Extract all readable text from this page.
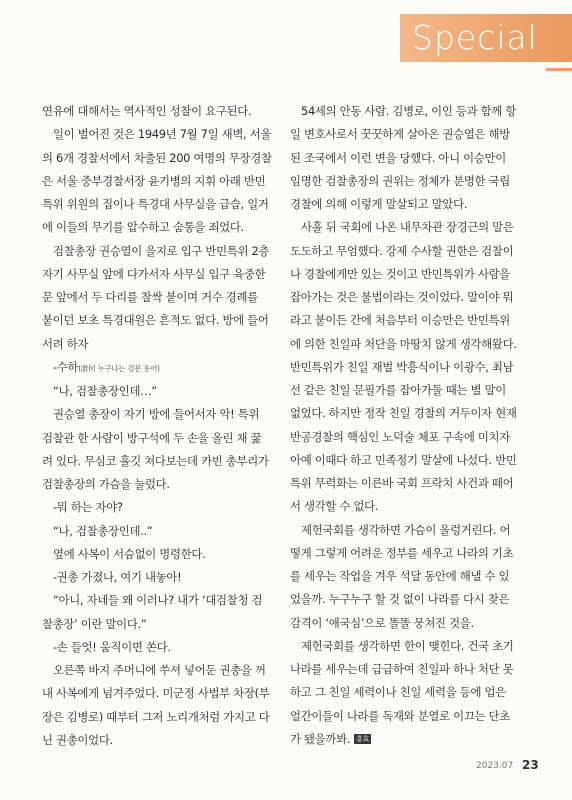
Special
연유에 대해서는 역사적인 성찰이 요구된다.
일이 벌어진 것은 1949년 7월 7일 새벽, 서울
의 6개 경찰서에서 차출된 200 여명의 무장경찰
은 서울 중부경찰서장 윤기병의 지휘 아래 반민
특위 위원의 집이나 특경대 사무실을 급습, 일거
에 이들의 무기를 압수하고 숨통을 죄었다.
검찰총장 권승열이 을지로 입구 반민특위 2층
자기 사무실 앞에 다가서자 사무실 입구 육중한
문 앞에서 두 다리를 찰싹 붙이며 거수 경례를
붙이던 보초 특경대원은 흔적도 없다. 방에 들어
서려 하자
-수하(誰何 누구냐는 검문 용어)
“나, 검찰총장인데…”
권승열 총장이 자기 방에 들어서자 악! 특위
검찰관 한 사람이 방구석에 두 손을 올린 채 꿇
려 있다. 무심코 흘깃 쳐다보는데 카빈 총부리가
검찰총장의 가슴을 눌렀다.
-뭐 하는 자야?
“나, 검찰총장인데..”
옆에 사복이 서슴없이 명령한다.
-권총 가졌나, 여기 내놓아!
“아니, 자네들 왜 이러나? 내가 ‘대검찰청 검
찰총장’ 이란 말이다.”
-손 들엇! 움직이면 쏜다.
오른쪽 바지 주머니에 쑤셔 넣어둔 권총을 꺼
내 사복에게 넘겨주었다. 미군정 사법부 차장(부
장은 김병로) 때부터 그저 노리개처럼 가지고 다
닌 권총이었다.
54세의 안동 사람. 김병로, 이인 등과 함께 항
일 변호사로서 꿋꿋하게 살아온 권승열은 해방
된 조국에서 이런 변을 당했다. 아니 이승만이
임명한 검찰총장의 권위는 정체가 분명한 국립
경찰에 의해 이렇게 말살되고 말았다.
사흘 뒤 국회에 나온 내무차관 장경근의 말은
도도하고 무엄했다. 강제 수사할 권한은 검찰이
나 경찰에게만 있는 것이고 반민특위가 사람을
잡아가는 것은 불법이라는 것이었다. 말이야 뭐
라고 붙이든 간에 처음부터 이승만은 반민특위
에 의한 친일파 처단을 마땅치 않게 생각해왔다.
반민특위가 친일 재벌 박흥식이나 이광수, 최남
선 같은 친일 문필가를 잡아가둘 때는 별 말이
없었다. 하지만 정작 친일 경찰의 거두이자 현재
반공경찰의 핵심인 노덕술 체포 구속에 미치자
아예 이때다 하고 민족정기 말살에 나섰다. 반민
특위 무력화는 이른바 국회 프락치 사건과 떼어
서 생각할 수 없다.
제헌국회를 생각하면 가슴이 울렁거린다. 어
떻게 그렇게 어려운 정부를 세우고 나라의 기초
를 세우는 작업을 겨우 석달 동안에 해낼 수 있
었을까. 누구누구 할 것 없이 나라를 다시 찾은
감격이 ‘애국심’으로 똘똘 뭉쳐진 것을.
제헌국회를 생각하면 한이 맺힌다. 건국 초기
나라를 세우는데 급급하여 친일파 하나 처단 못
하고 그 친일 세력이나 친일 세력을 등에 업은
얼간이들이 나라를 독재와 분열로 이끄는 단초
가 됐을까봐. 흥효
2023.07 23
